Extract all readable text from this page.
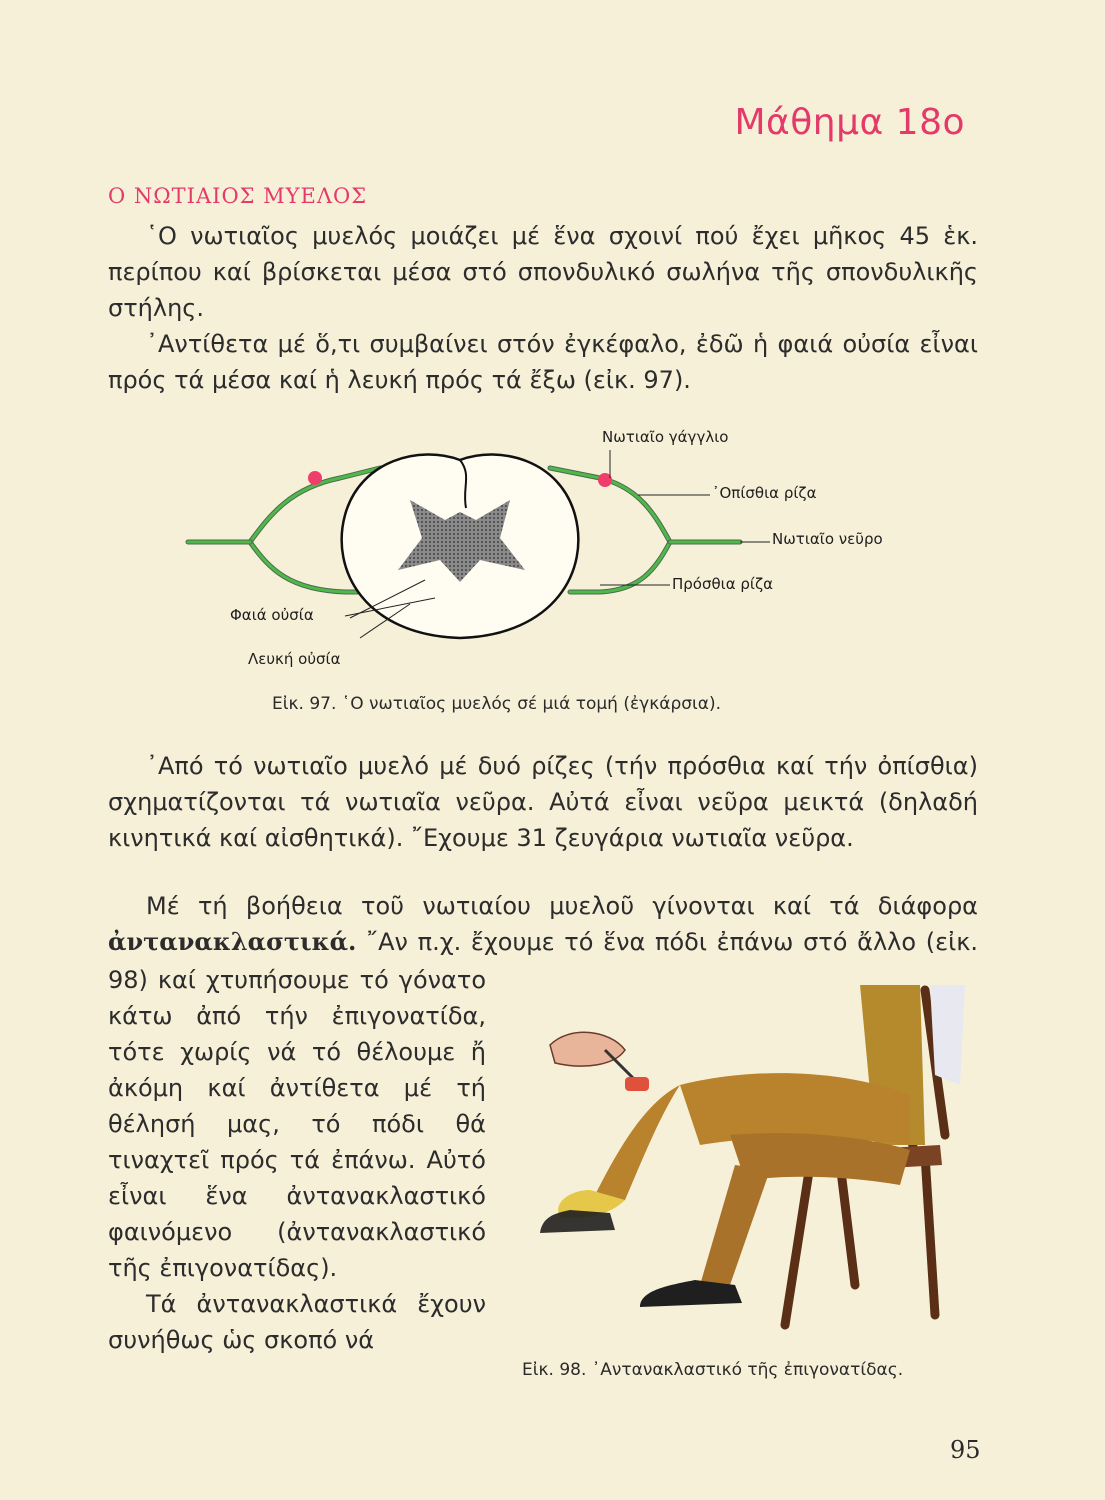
Μάθημα 18ο
Ο ΝΩΤΙΑΙΟΣ ΜΥΕΛΟΣ

῾Ο νωτιαῖος μυελός μοιάζει μέ ἕνα σχοινί πού ἔχει μῆκος 45 ἑκ. περίπου καί βρίσκεται μέσα στό σπονδυλικό σωλήνα τῆς σπονδυλικῆς στήλης.

᾽Αντίθετα μέ ὅ,τι συμβαίνει στόν ἐγκέφαλο, ἐδῶ ἡ φαιά οὐσία εἶναι πρός τά μέσα καί ἡ λευκή πρός τά ἔξω (εἰκ. 97).

Νωτιαῖο γάγγλιο
᾽Οπίσθια ρίζα
Νωτιαῖο νεῦρο
Πρόσθια ρίζα
Φαιά οὐσία
Λευκή οὐσία
Εἰκ. 97. ῾Ο νωτιαῖος μυελός σέ μιά τομή (ἐγκάρσια).

᾽Από τό νωτιαῖο μυελό μέ δυό ρίζες (τήν πρόσθια καί τήν ὀπίσθια) σχηματίζονται τά νωτιαῖα νεῦρα. Αὐτά εἶναι νεῦρα μεικτά (δηλαδή κινητικά καί αἰσθητικά). ῎Εχουμε 31 ζευγάρια νωτιαῖα νεῦρα.

Μέ τή βοήθεια τοῦ νωτιαίου μυελοῦ γίνονται καί τά διάφορα ἀντανακλαστικά. ῎Αν π.χ. ἔχουμε τό ἕνα πόδι ἐπάνω στό ἄλλο (εἰκ.

98) καί χτυπήσουμε τό γόνατο κάτω ἀπό τήν ἐπιγονατίδα, τότε χωρίς νά τό θέλουμε ἤ ἀκόμη καί ἀντίθετα μέ τή θέλησή μας, τό πόδι θά τιναχτεῖ πρός τά ἐπάνω. Αὐτό εἶναι ἕνα ἀντανακλαστικό φαινόμενο (ἀντανακλαστικό τῆς ἐπιγονατίδας).

Τά ἀντανακλαστικά ἔχουν συνήθως ὡς σκοπό νά

Εἰκ. 98. ᾽Αντανακλαστικό τῆς ἐπιγονατίδας.
95
